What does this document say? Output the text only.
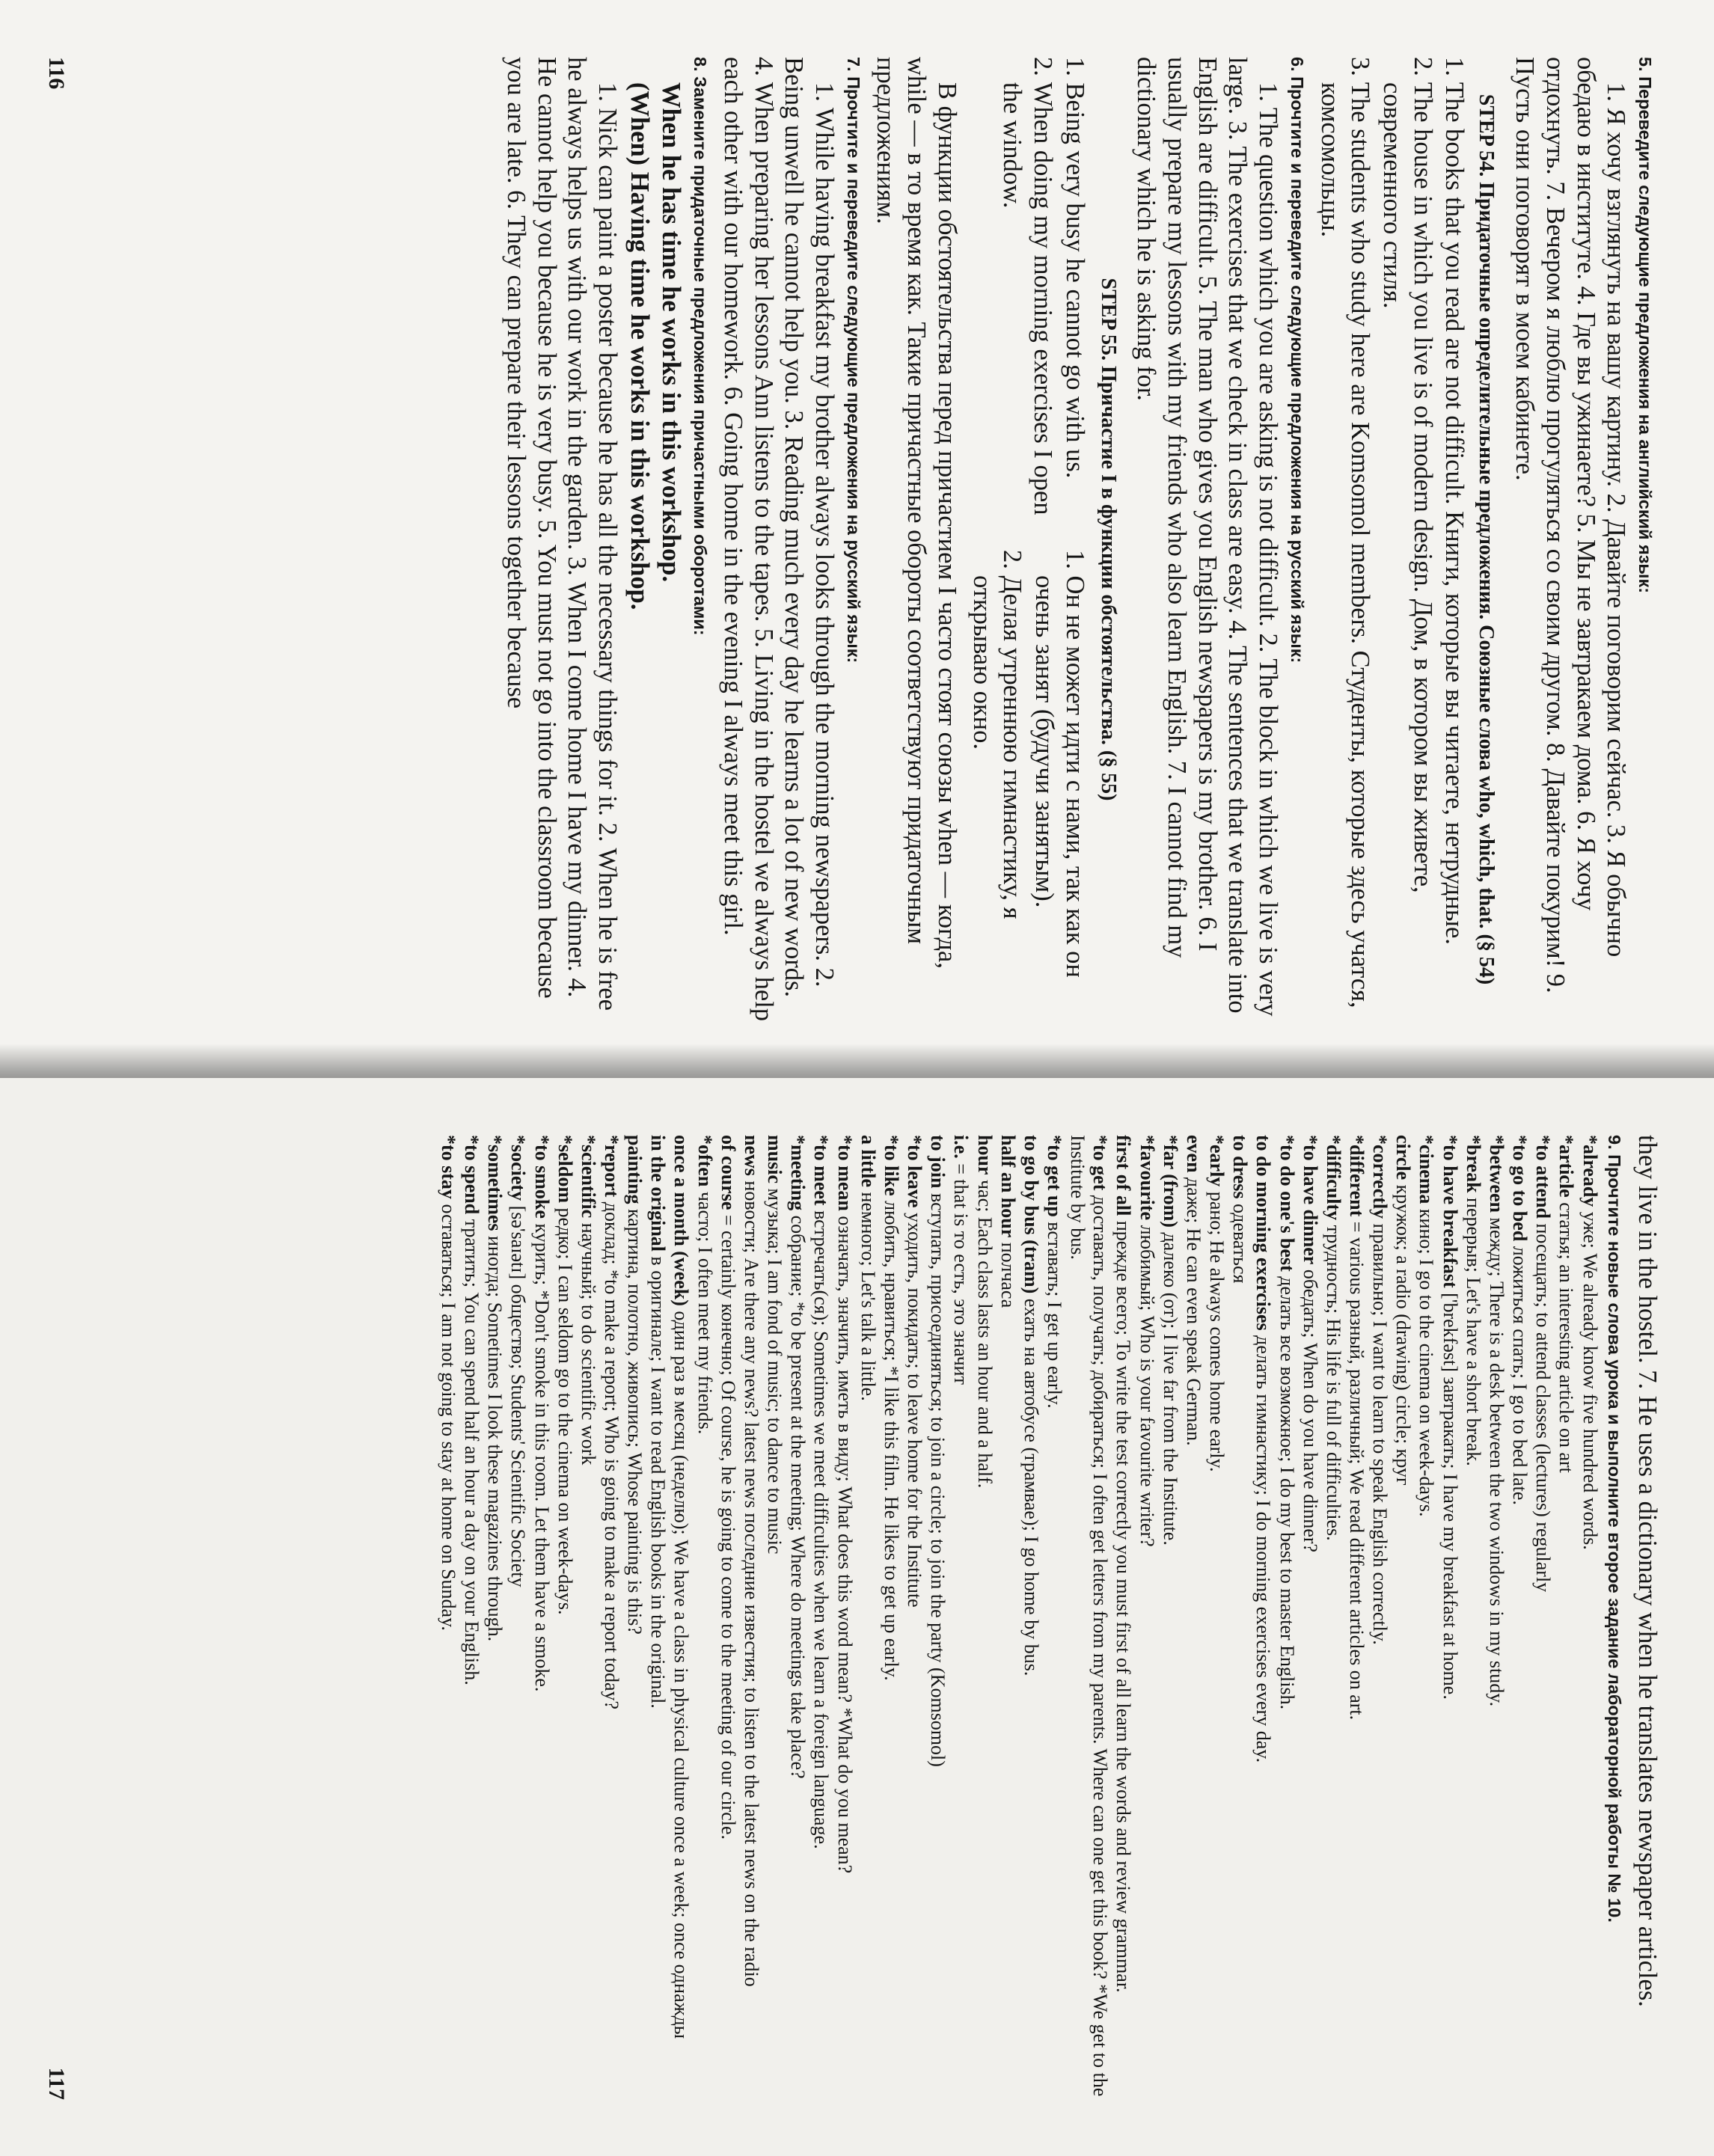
5. Переведите следующие предложения на английский язык:
1. Я хочу взглянуть на вашу картину. 2. Давайте поговорим сейчас. 3. Я обычно обедаю в институте. 4. Где вы ужинаете? 5. Мы не завтракаем дома. 6. Я хочу отдохнуть. 7. Вечером я люблю прогуляться со своим другом. 8. Давайте покурим! 9. Пусть они поговорят в моем кабинете.
STEP 54. Придаточные определительные предложения. Союзные слова who, which, that. (§ 54)
1. The books that you read are not difficult. Книги, которые вы читаете, нетрудные.
2. The house in which you live is of modern design. Дом, в котором вы живете, современного стиля.
3. The students who study here are Komsomol members. Студенты, которые здесь учатся, комсомольцы.
6. Прочтите и переведите следующие предложения на русский язык:
1. The question which you are asking is not difficult. 2. The block in which we live is very large. 3. The exercises that we check in class are easy. 4. The sentences that we translate into English are difficult. 5. The man who gives you English newspapers is my brother. 6. I usually prepare my lessons with my friends who also learn English. 7. I cannot find my dictionary which he is asking for.
STEP 55. Причастие I в функции обстоятельства. (§ 55)
1. Being very busy he cannot go with us.
2. When doing my morning exercises I open the window.
1. Он не может идти с нами, так как он очень занят (будучи занятым).
2. Делая утреннюю гимнастику, я открываю окно.
В функции обстоятельства перед причастием I часто стоят союзы when — когда, while — в то время как. Такие причастные обороты соответствуют придаточным предложениям.
7. Прочтите и переведите следующие предложения на русский язык:
1. While having breakfast my brother always looks through the morning newspapers. 2. Being unwell he cannot help you. 3. Reading much every day he learns a lot of new words. 4. When preparing her lessons Ann listens to the tapes. 5. Living in the hostel we always help each other with our homework. 6. Going home in the evening I always meet this girl.
8. Замените придаточные предложения причастными оборотами:
When he has time he works in this workshop.
(When) Having time he works in this workshop.
1. Nick can paint a poster because he has all the necessary things for it. 2. When he is free he always helps us with our work in the garden. 3. When I come home I have my dinner. 4. He cannot help you because he is very busy. 5. You must not go into the classroom because you are late. 6. They can prepare their lessons together because
116
they live in the hostel. 7. He uses a dictionary when he translates newspaper articles.
9. Прочтите новые слова урока и выполните второе задание лабораторной работы № 10.
*already уже; We already know five hundred words.
*article статья; an interesting article on art
*to attend посещать; to attend classes (lectures) regularly
*to go to bed ложиться спать; I go to bed late.
*between между; There is a desk between the two windows in my study.
*break перерыв; Let's have a short break.
*to have breakfast ['brekfəst] завтракать; I have my breakfast at home.
*cinema кино; I go to the cinema on week-days.
circle кружок; a radio (drawing) circle; круг
*correctly правильно; I want to learn to speak English correctly.
*different = various разный, различный; We read different articles on art.
*difficulty трудность; His life is full of difficulties.
*to have dinner обедать; When do you have dinner?
*to do one's best делать все возможное; I do my best to master English.
to do morning exercises делать гимнастику; I do morning exercises every day.
to dress одеваться
*early рано; He always comes home early.
even даже; He can even speak German.
*far (from) далеко (от); I live far from the Institute.
*favourite любимый; Who is your favourite writer?
first of all прежде всего; To write the test correctly you must first of all learn the words and review grammar.
*to get доставать, получать; добираться; I often get letters from my parents. Where can one get this book? *We get to the Institute by bus.
*to get up вставать; I get up early.
to go by bus (tram) ехать на автобусе (трамвае); I go home by bus.
half an hour полчаса
hour час; Each class lasts an hour and a half.
i.e. = that is то есть, это значит
to join вступать, присоединяться; to join a circle; to join the party (Komsomol)
*to leave уходить, покидать; to leave home for the Institute
*to like любить, нравиться; *I like this film. He likes to get up early.
a little немного; Let's talk a little.
*to mean означать, значить, иметь в виду; What does this word mean? *What do you mean?
*to meet встречать(ся); Sometimes we meet difficulties when we learn a foreign language.
*meeting собрание; *to be present at the meeting; Where do meetings take place?
music музыка; I am fond of music; to dance to music
news новости; Are there any news? latest news последние известия; to listen to the latest news on the radio
of course = certainly конечно; Of course, he is going to come to the meeting of our circle.
*often часто; I often meet my friends.
once a month (week) один раз в месяц (неделю); We have a class in physical culture once a week; once однажды
in the original в оригинале; I want to read English books in the original.
painting картина, полотно, живопись; Whose painting is this?
*report доклад; *to make a report; Who is going to make a report today?
*scientific научный; to do scientific work
*seldom редко; I can seldom go to the cinema on week-days.
*to smoke курить; *Don't smoke in this room. Let them have a smoke.
*society [sə'saɪətɪ] общество; Students' Scientific Society
*sometimes иногда; Sometimes I look these magazines through.
*to spend тратить; You can spend half an hour a day on your English.
*to stay оставаться; I am not going to stay at home on Sunday.
117
